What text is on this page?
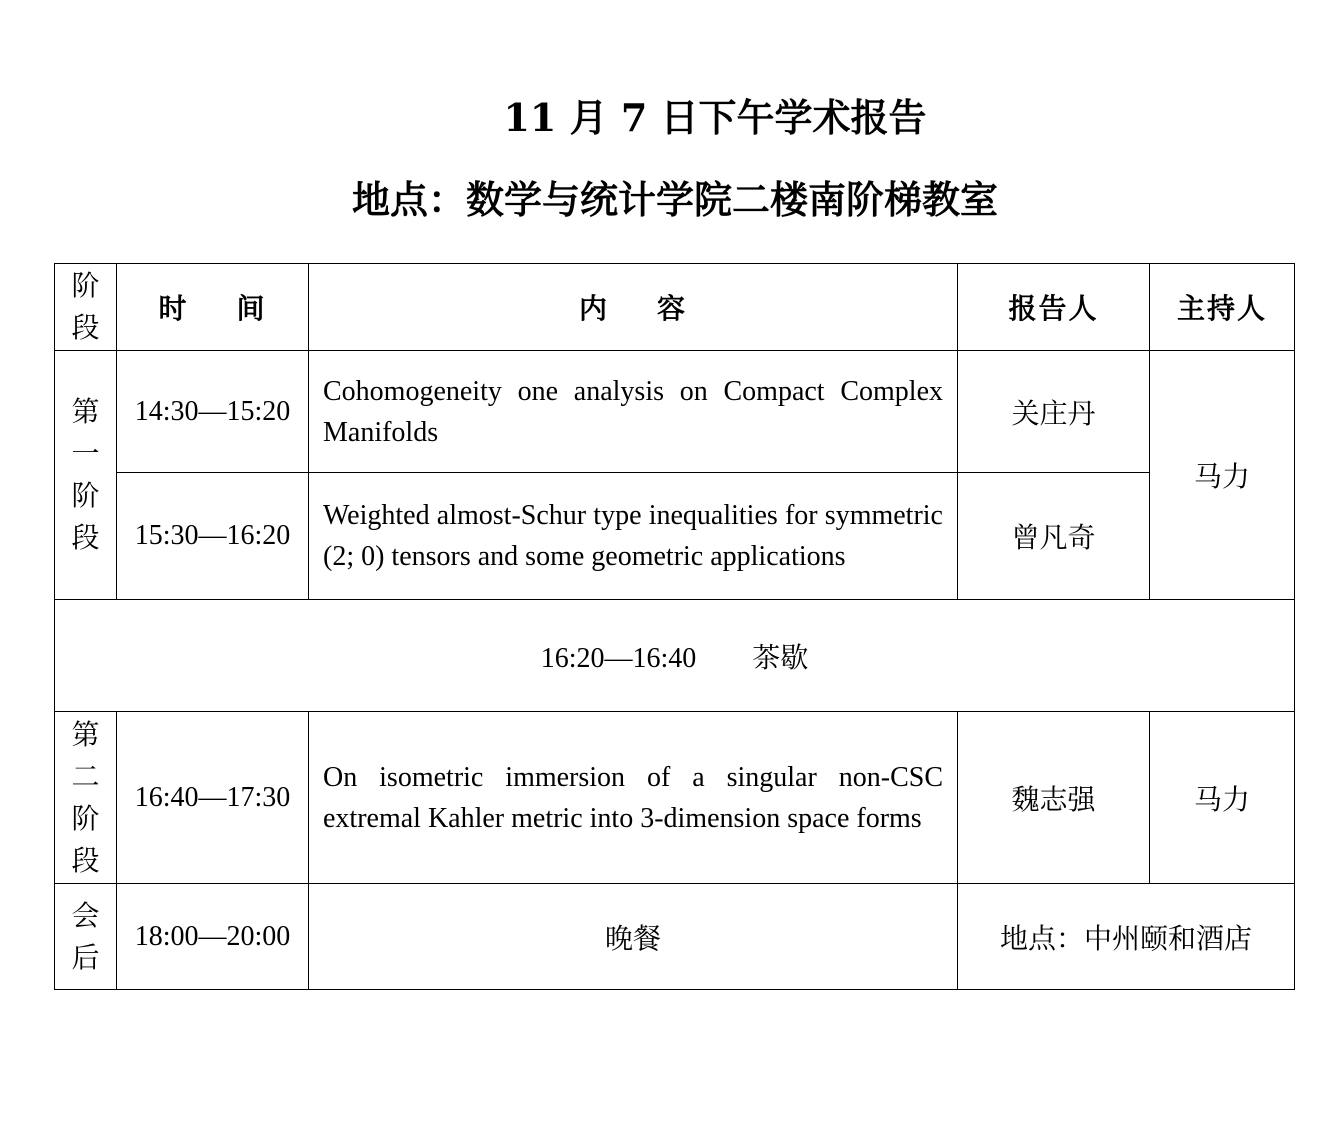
11 月 7 日下午学术报告
地点：数学与统计学院二楼南阶梯教室
阶
段	时 间	内 容	报告人	主持人

第
一
阶
段	14:30—15:20	Cohomogeneity one analysis on Compact Complex Manifolds	关庄丹	马力
	15:30—16:20	Weighted almost-Schur type inequalities for symmetric (2; 0) tensors and some geometric applications	曾凡奇	
16:20—16:40 茶歇				

第
二
阶
段	16:40—17:30	On isometric immersion of a singular non-CSC extremal Kahler metric into 3-dimension space forms	魏志强	马力

会
后	18:00—20:00	晚餐	地点：中州颐和酒店	
